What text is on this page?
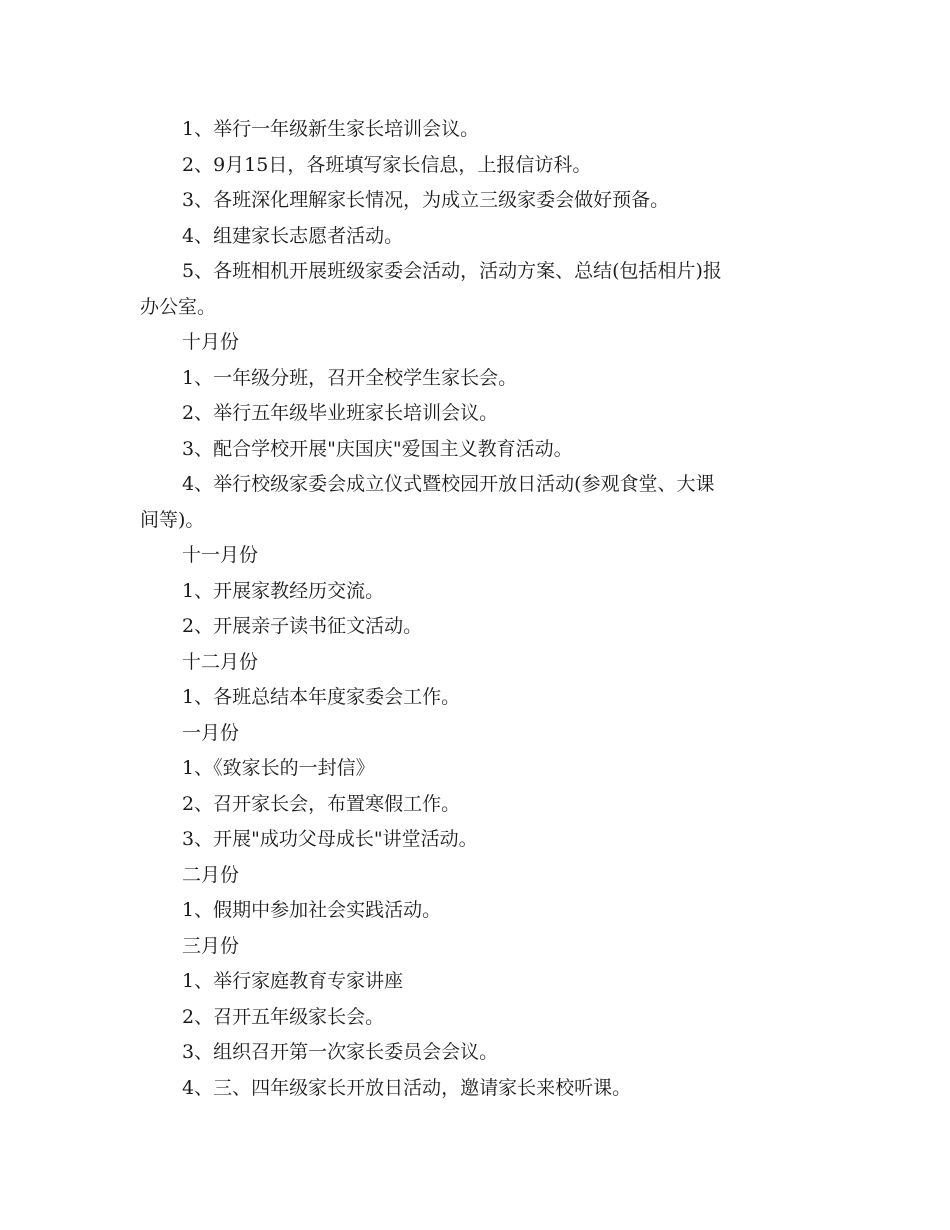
1、举行一年级新生家长培训会议。
2、9月15日，各班填写家长信息，上报信访科。
3、各班深化理解家长情况，为成立三级家委会做好预备。
4、组建家长志愿者活动。
5、各班相机开展班级家委会活动，活动方案、总结(包括相片)报
办公室。
十月份
1、一年级分班，召开全校学生家长会。
2、举行五年级毕业班家长培训会议。
3、配合学校开展"庆国庆"爱国主义教育活动。
4、举行校级家委会成立仪式暨校园开放日活动(参观食堂、大课
间等)。
十一月份
1、开展家教经历交流。
2、开展亲子读书征文活动。
十二月份
1、各班总结本年度家委会工作。
一月份
1、《致家长的一封信》
2、召开家长会，布置寒假工作。
3、开展"成功父母成长"讲堂活动。
二月份
1、假期中参加社会实践活动。
三月份
1、举行家庭教育专家讲座
2、召开五年级家长会。
3、组织召开第一次家长委员会会议。
4、三、四年级家长开放日活动，邀请家长来校听课。
